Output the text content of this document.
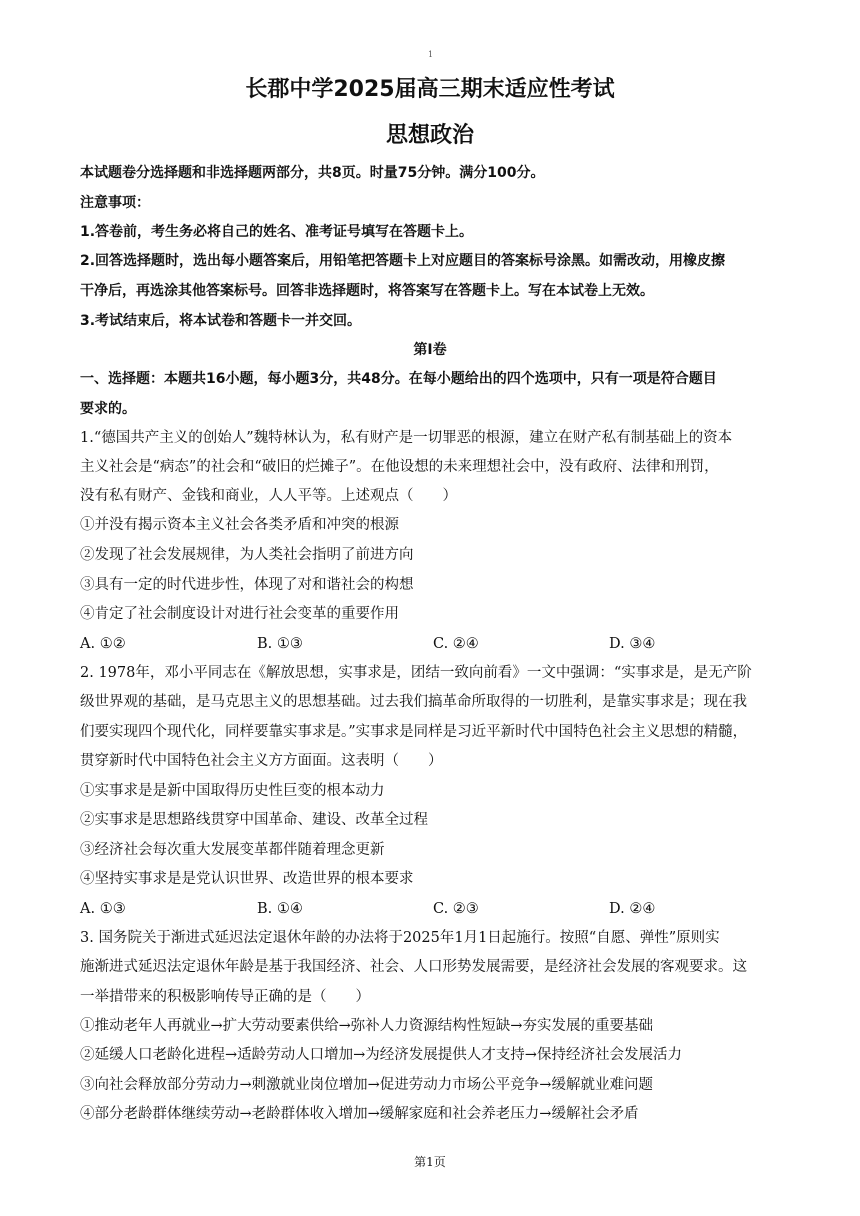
1
长郡中学2025届高三期末适应性考试
思想政治
本试题卷分选择题和非选择题两部分，共8页。时量75分钟。满分100分。
注意事项：
1.答卷前，考生务必将自己的姓名、准考证号填写在答题卡上。
2.回答选择题时，选出每小题答案后，用铅笔把答题卡上对应题目的答案标号涂黑。如需改动，用橡皮擦
干净后，再选涂其他答案标号。回答非选择题时，将答案写在答题卡上。写在本试卷上无效。
3.考试结束后，将本试卷和答题卡一并交回。
第Ⅰ卷
一、选择题：本题共16小题，每小题3分，共48分。在每小题给出的四个选项中，只有一项是符合题目
要求的。
1.“德国共产主义的创始人”魏特林认为，私有财产是一切罪恶的根源，建立在财产私有制基础上的资本
主义社会是“病态”的社会和“破旧的烂摊子”。在他设想的未来理想社会中，没有政府、法律和刑罚，
没有私有财产、金钱和商业，人人平等。上述观点（　　）
①并没有揭示资本主义社会各类矛盾和冲突的根源
②发现了社会发展规律，为人类社会指明了前进方向
③具有一定的时代进步性，体现了对和谐社会的构想
④肯定了社会制度设计对进行社会变革的重要作用
A. ①②	B. ①③	C. ②④	D. ③④
2. 1978年，邓小平同志在《解放思想，实事求是，团结一致向前看》一文中强调：“实事求是，是无产阶
级世界观的基础，是马克思主义的思想基础。过去我们搞革命所取得的一切胜利，是靠实事求是；现在我
们要实现四个现代化，同样要靠实事求是。”实事求是同样是习近平新时代中国特色社会主义思想的精髓，
贯穿新时代中国特色社会主义方方面面。这表明（　　）
①实事求是是新中国取得历史性巨变的根本动力
②实事求是思想路线贯穿中国革命、建设、改革全过程
③经济社会每次重大发展变革都伴随着理念更新
④坚持实事求是是党认识世界、改造世界的根本要求
A. ①③	B. ①④	C. ②③	D. ②④
3. 国务院关于渐进式延迟法定退休年龄的办法将于2025年1月1日起施行。按照“自愿、弹性”原则实
施渐进式延迟法定退休年龄是基于我国经济、社会、人口形势发展需要，是经济社会发展的客观要求。这
一举措带来的积极影响传导正确的是（　　）
①推动老年人再就业→扩大劳动要素供给→弥补人力资源结构性短缺→夯实发展的重要基础
②延缓人口老龄化进程→适龄劳动人口增加→为经济发展提供人才支持→保持经济社会发展活力
③向社会释放部分劳动力→刺激就业岗位增加→促进劳动力市场公平竞争→缓解就业难问题
④部分老龄群体继续劳动→老龄群体收入增加→缓解家庭和社会养老压力→缓解社会矛盾
第1页
